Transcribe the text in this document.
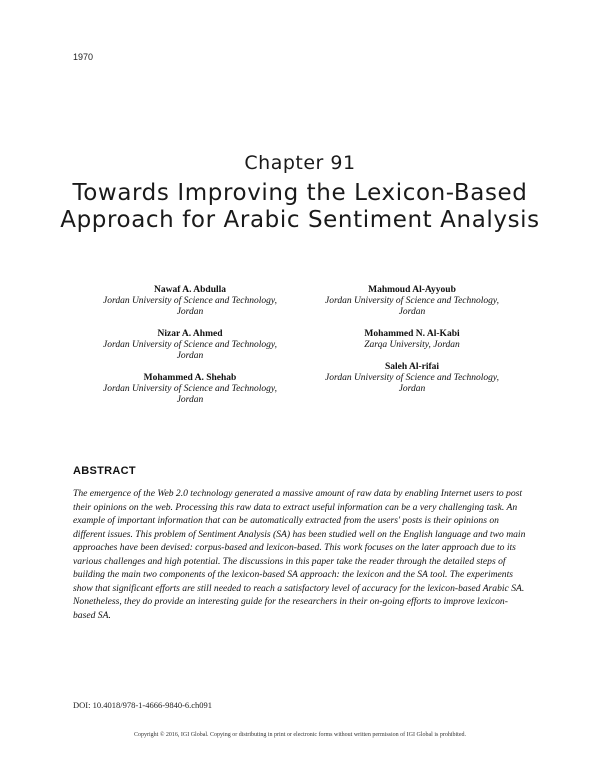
1970
Chapter 91
Towards Improving the Lexicon-Based Approach for Arabic Sentiment Analysis
Nawaf A. Abdulla
Jordan University of Science and Technology,
Jordan
Nizar A. Ahmed
Jordan University of Science and Technology,
Jordan
Mohammed A. Shehab
Jordan University of Science and Technology,
Jordan
Mahmoud Al-Ayyoub
Jordan University of Science and Technology,
Jordan
Mohammed N. Al-Kabi
Zarqa University, Jordan
Saleh Al-rifai
Jordan University of Science and Technology,
Jordan
ABSTRACT
The emergence of the Web 2.0 technology generated a massive amount of raw data by enabling Internet users to post their opinions on the web. Processing this raw data to extract useful information can be a very challenging task. An example of important information that can be automatically extracted from the users' posts is their opinions on different issues. This problem of Sentiment Analysis (SA) has been studied well on the English language and two main approaches have been devised: corpus-based and lexicon-based. This work focuses on the later approach due to its various challenges and high potential. The discussions in this paper take the reader through the detailed steps of building the main two components of the lexicon-based SA approach: the lexicon and the SA tool. The experiments show that significant efforts are still needed to reach a satisfactory level of accuracy for the lexicon-based Arabic SA. Nonetheless, they do provide an interesting guide for the researchers in their on-going efforts to improve lexicon-based SA.
DOI: 10.4018/978-1-4666-9840-6.ch091
Copyright © 2016, IGI Global. Copying or distributing in print or electronic forms without written permission of IGI Global is prohibited.
